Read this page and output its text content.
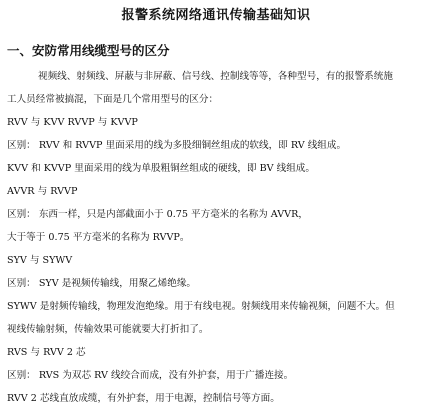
报警系统网络通讯传输基础知识
一、安防常用线缆型号的区分
视频线、射频线、屏蔽与非屏蔽、信号线、控制线等等，各种型号，有的报警系统施
工人员经常被搞混，下面是几个常用型号的区分：
RVV 与 KVV RVVP 与 KVVP
区别： RVV 和 RVVP 里面采用的线为多股细铜丝组成的软线，即 RV 线组成。
KVV 和 KVVP 里面采用的线为单股粗铜丝组成的硬线，即 BV 线组成。
AVVR 与 RVVP
区别： 东西一样，只是内部截面小于 0.75 平方毫米的名称为 AVVR，
大于等于 0.75 平方毫米的名称为 RVVP。
SYV 与 SYWV
区别： SYV 是视频传输线，用聚乙烯绝缘。
SYWV 是射频传输线，物理发泡绝缘。用于有线电视。射频线用来传输视频，问题不大。但
视线传输射频，传输效果可能就要大打折扣了。
RVS 与 RVV 2 芯
区别： RVS 为双芯 RV 线绞合而成，没有外护套，用于广播连接。
RVV 2 芯线直放成缆，有外护套，用于电源，控制信号等方面。
